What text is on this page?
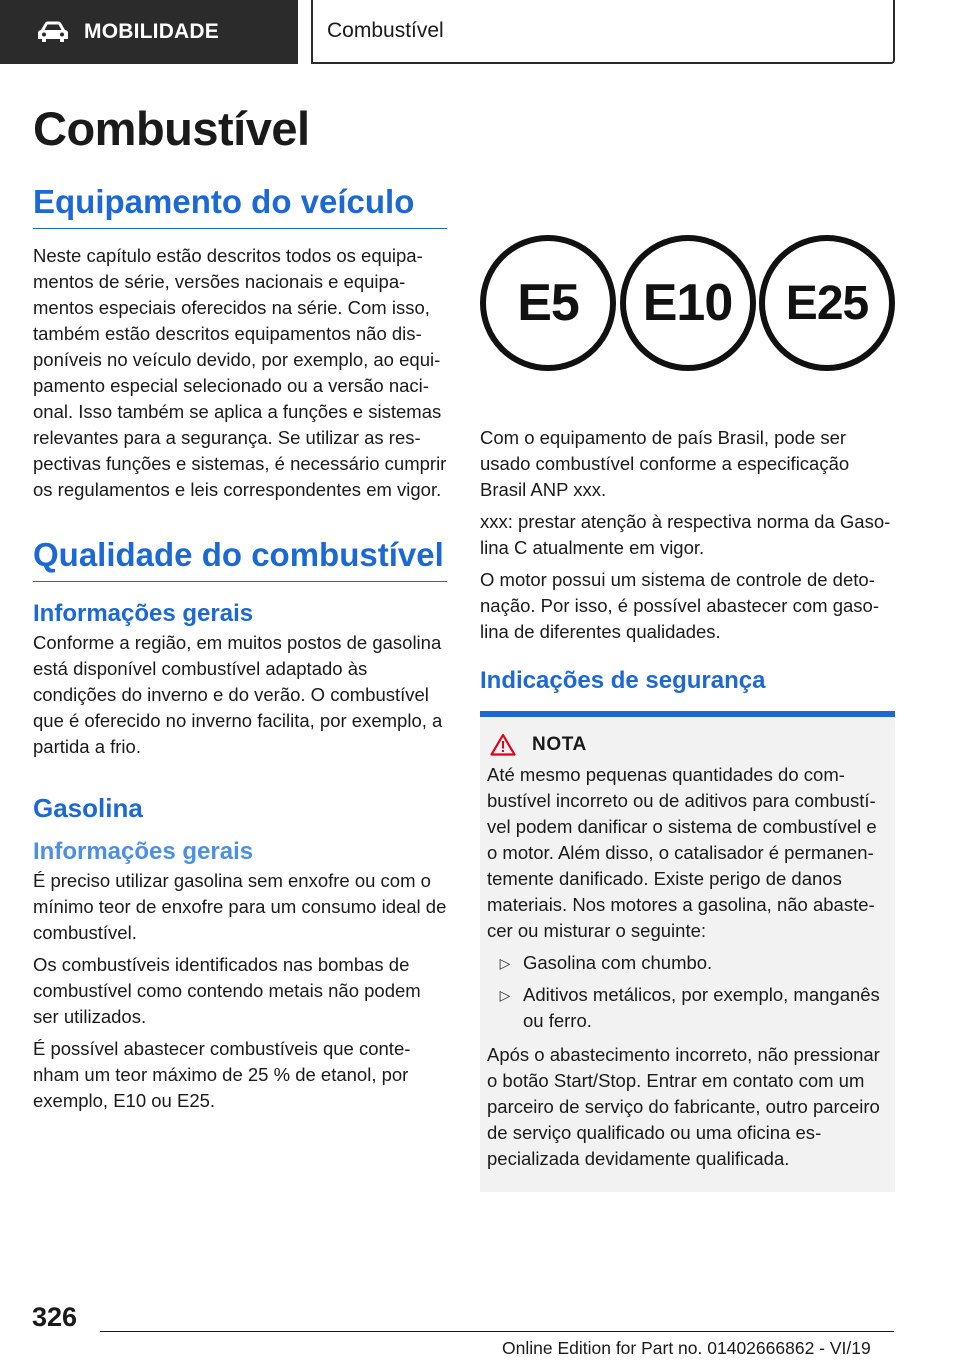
MOBILIDADE	Combustível
Combustível
Equipamento do veículo

Neste capítulo estão descritos todos os equipamentos de série, versões nacionais e equipamentos especiais oferecidos na série. Com isso, também estão descritos equipamentos não disponíveis no veículo devido, por exemplo, ao equipamento especial selecionado ou a versão nacional. Isso também se aplica a funções e sistemas relevantes para a segurança. Se utilizar as respectivas funções e sistemas, é necessário cumprir os regulamentos e leis correspondentes em vigor.

Qualidade do combustível
Informações gerais

Conforme a região, em muitos postos de gasolina está disponível combustível adaptado às condições do inverno e do verão. O combustível que é oferecido no inverno facilita, por exemplo, a partida a frio.

Gasolina
Informações gerais

É preciso utilizar gasolina sem enxofre ou com o mínimo teor de enxofre para um consumo ideal de combustível.

Os combustíveis identificados nas bombas de combustível como contendo metais não podem ser utilizados.

É possível abastecer combustíveis que contenham um teor máximo de 25 % de etanol, por exemplo, E10 ou E25.

E5	E10	E25

Com o equipamento de país Brasil, pode ser usado combustível conforme a especificação Brasil ANP xxx.

xxx: prestar atenção à respectiva norma da Gasolina C atualmente em vigor.

O motor possui um sistema de controle de detonação. Por isso, é possível abastecer com gasolina de diferentes qualidades.

Indicações de segurança
NOTA

Até mesmo pequenas quantidades do combustível incorreto ou de aditivos para combustível podem danificar o sistema de combustível e o motor. Além disso, o catalisador é permanentemente danificado. Existe perigo de danos materiais. Nos motores a gasolina, não abastecer ou misturar o seguinte:

▷ Gasolina com chumbo.

▷ Aditivos metálicos, por exemplo, manganês ou ferro.

Após o abastecimento incorreto, não pressionar o botão Start/Stop. Entrar em contato com um parceiro de serviço do fabricante, outro parceiro de serviço qualificado ou uma oficina especializada devidamente qualificada.

326
Online Edition for Part no. 01402666862 - VI/19
